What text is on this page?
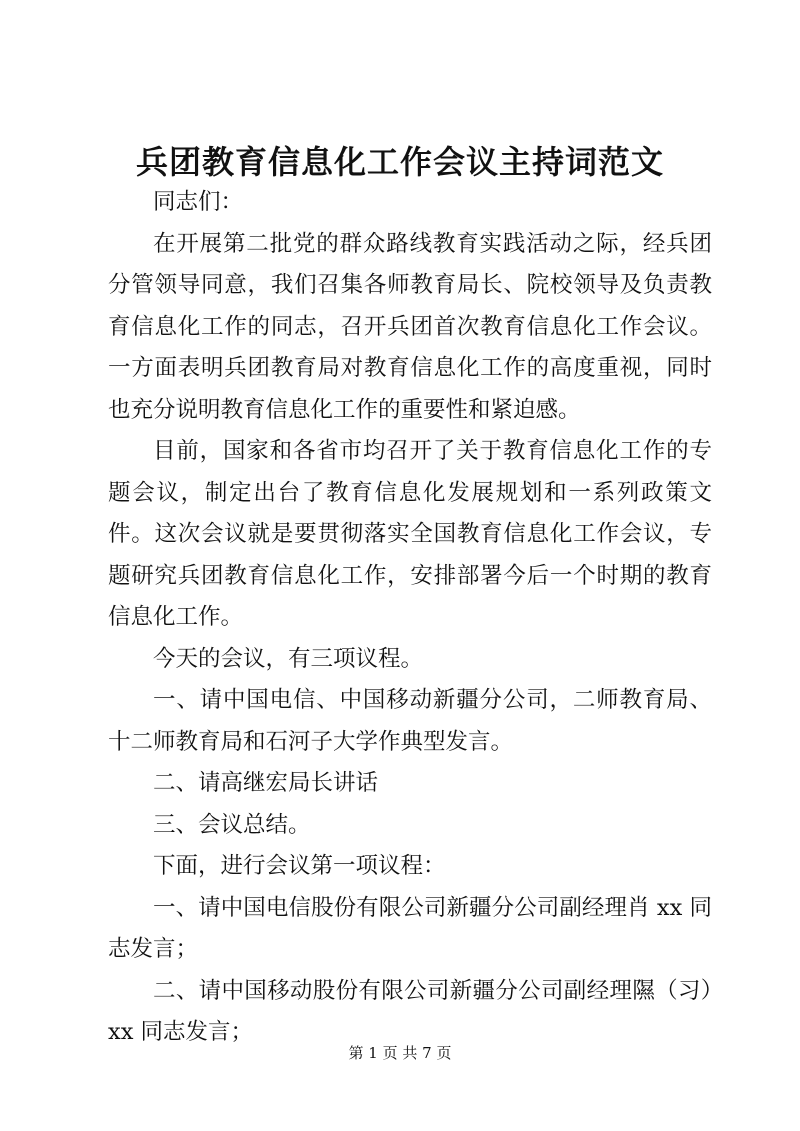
兵团教育信息化工作会议主持词范文

同志们：

在开展第二批党的群众路线教育实践活动之际，经兵团分管领导同意，我们召集各师教育局长、院校领导及负责教育信息化工作的同志，召开兵团首次教育信息化工作会议。一方面表明兵团教育局对教育信息化工作的高度重视，同时也充分说明教育信息化工作的重要性和紧迫感。

目前，国家和各省市均召开了关于教育信息化工作的专题会议，制定出台了教育信息化发展规划和一系列政策文件。这次会议就是要贯彻落实全国教育信息化工作会议，专题研究兵团教育信息化工作，安排部署今后一个时期的教育信息化工作。

今天的会议，有三项议程。

一、请中国电信、中国移动新疆分公司，二师教育局、十二师教育局和石河子大学作典型发言。

二、请高继宏局长讲话

三、会议总结。

下面，进行会议第一项议程：

一、请中国电信股份有限公司新疆分公司副经理肖 xx 同志发言；

二、请中国移动股份有限公司新疆分公司副经理隰（习）xx 同志发言；

第 1 页 共 7 页
